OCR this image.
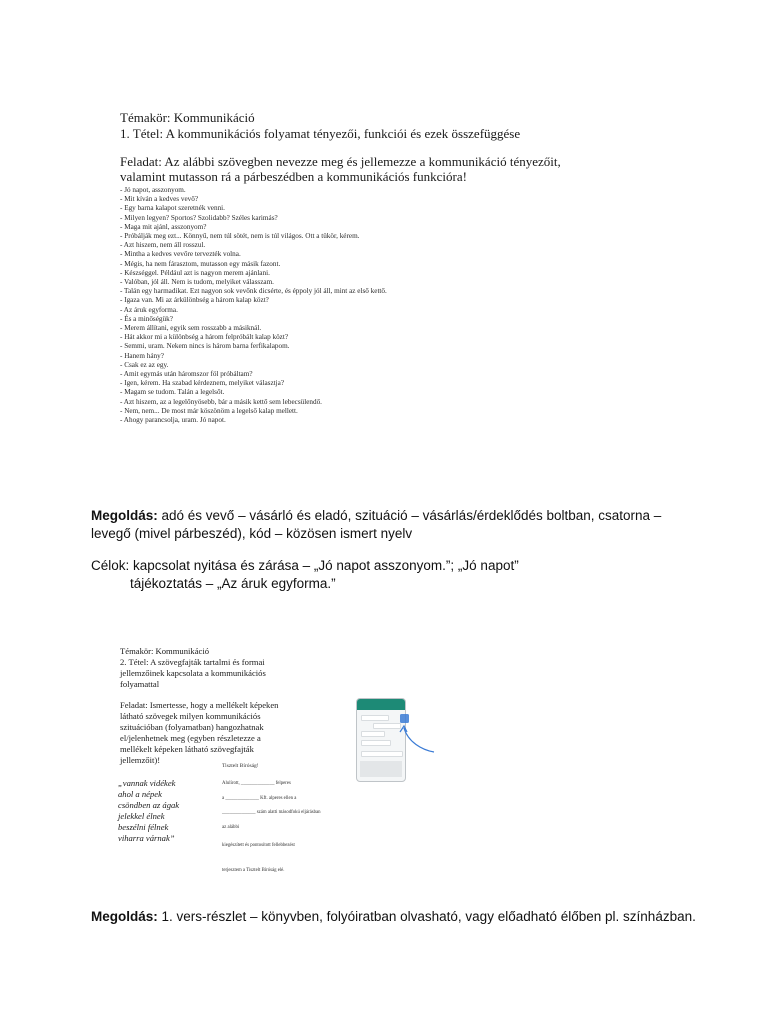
Témakör: Kommunikáció
1. Tétel: A kommunikációs folyamat tényezői, funkciói és ezek összefüggése
Feladat: Az alábbi szövegben nevezze meg és jellemezze a kommunikáció tényezőit,
valamint mutasson rá a párbeszédben a kommunikációs funkcióra!
- Jó napot, asszonyom.
- Mit kíván a kedves vevő?
- Egy barna kalapot szeretnék venni.
- Milyen legyen? Sportos? Szolidabb? Széles karimás?
- Maga mit ajánl, asszonyom?
- Próbálják meg ezt... Könnyű, nem túl sötét, nem is túl világos. Ott a tükör, kérem.
- Azt hiszem, nem áll rosszul.
- Mintha a kedves vevőre tervezték volna.
- Mégis, ha nem fárasztom, mutasson egy másik fazont.
- Készséggel. Például azt is nagyon merem ajánlani.
- Valóban, jól áll. Nem is tudom, melyiket válasszam.
- Talán egy harmadikat. Ezt nagyon sok vevőnk dicsérte, és éppoly jól áll, mint az első kettő.
- Igaza van. Mi az árkülönbség a három kalap közt?
- Az áruk egyforma.
- És a minőségük?
- Merem állítani, egyik sem rosszabb a másiknál.
- Hát akkor mi a különbség a három felpróbált kalap közt?
- Semmi, uram. Nekem nincs is három barna ferfikalapom.
- Hanem hány?
- Csak ez az egy.
- Amit egymás után háromszor föl próbáltam?
- Igen, kérem. Ha szabad kérdeznem, melyiket választja?
- Magam se tudom. Talán a legelsőt.
- Azt hiszem, az a legelőnyösebb, bár a másik kettő sem lebecsülendő.
- Nem, nem... De most már köszönöm a legelső kalap mellett.
- Ahogy parancsolja, uram. Jó napot.
Megoldás: adó és vevő – vásárló és eladó, szituáció – vásárlás/érdeklődés boltban, csatorna – levegő (mivel párbeszéd), kód – közösen ismert nyelv
Célok: kapcsolat nyitása és zárása – „Jó napot asszonyom.”; „Jó napot”
tájékoztatás – „Az áruk egyforma.”
Témakör: Kommunikáció
2. Tétel: A szövegfajták tartalmi és formai
jellemzőinek kapcsolata a kommunikációs
folyamattal
Feladat: Ismertesse, hogy a mellékelt képeken
látható szövegek milyen kommunikációs
szituációban (folyamatban) hangozhatnak
el/jelenhetnek meg (egyben részletezze a
mellékelt képeken látható szövegfajták
jellemzőit)!
„vannak vidékek
ahol a népek
csöndben az ágak
jelekkel élnek
beszélni félnek
viharra várnak”
Tisztelt Bíróság!
Alulírott, ______________ felperes
a ______________ Kft. alperes ellen a
______________ szám alatti másodfokú eljárásban
az alábbi
kiegészített és pontosított fellebbezést
terjesztem a Tisztelt Bíróság elé.
Megoldás: 1. vers-részlet – könyvben, folyóiratban olvasható, vagy előadható élőben pl. színházban.
